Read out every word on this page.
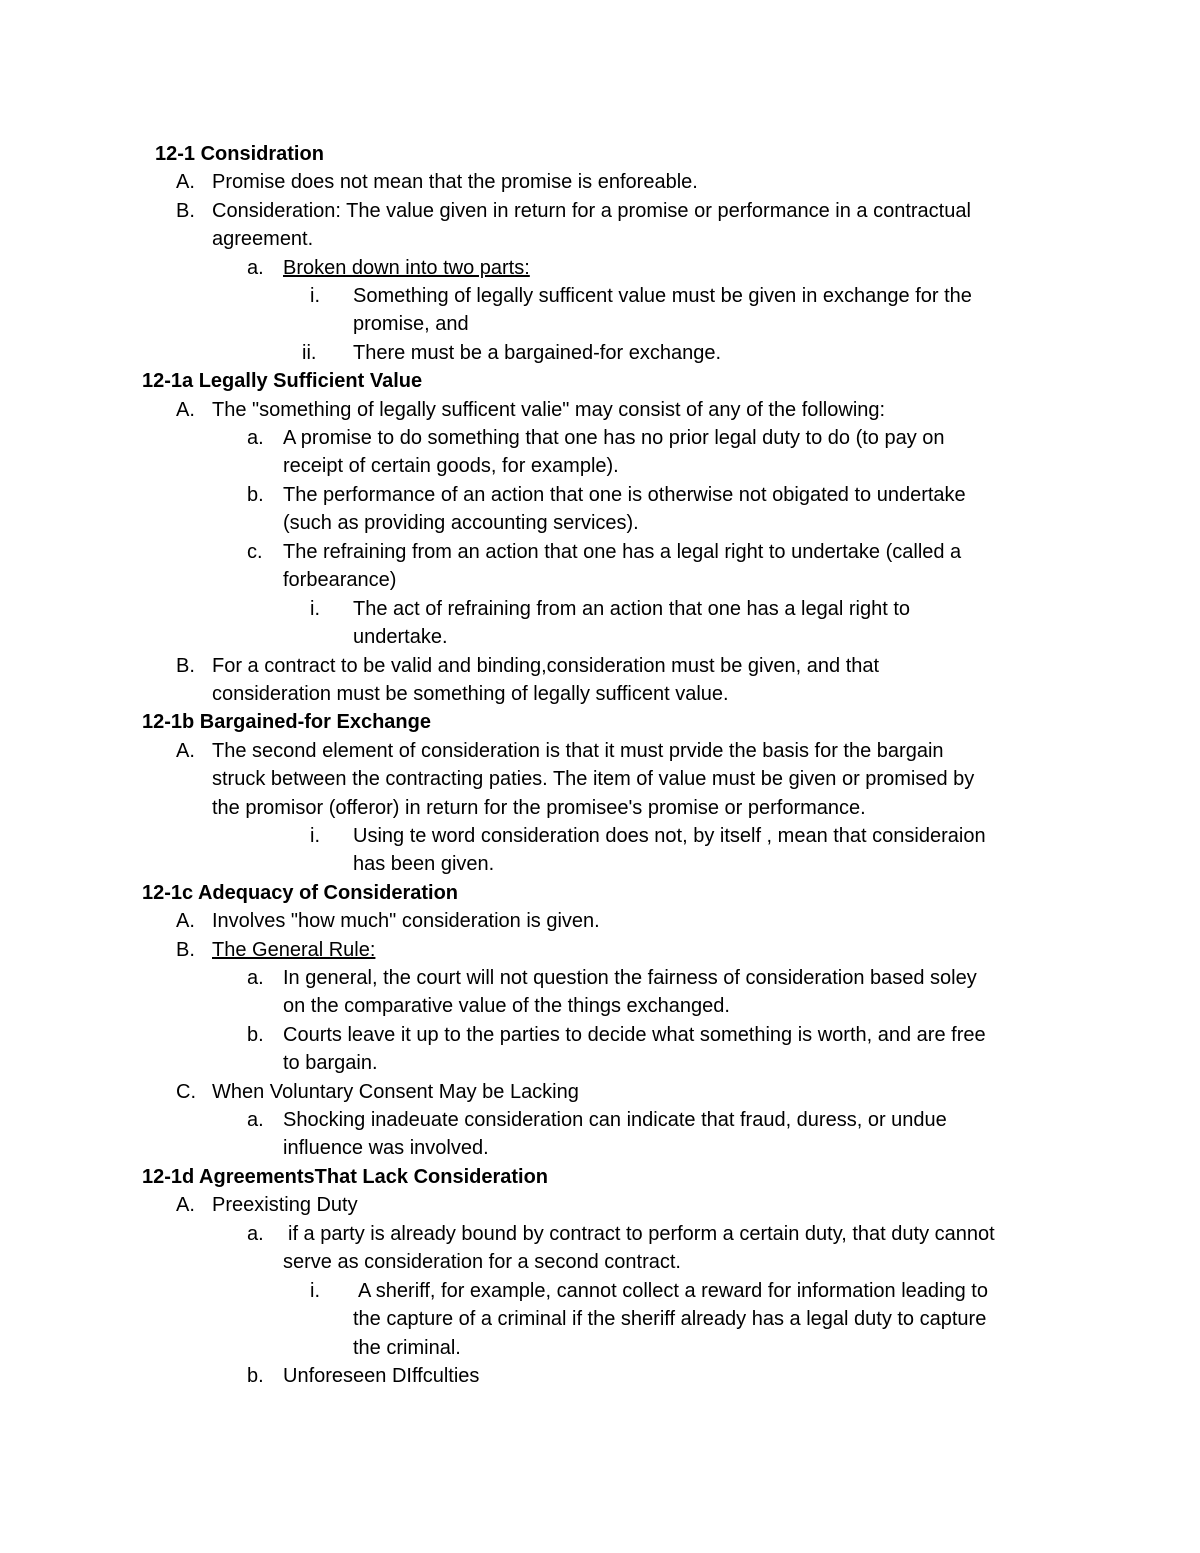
12-1 Considration
A. Promise does not mean that the promise is enforeable.
B. Consideration: The value given in return for a promise or performance in a contractual
agreement.
a. Broken down into two parts:
i. Something of legally sufficent value must be given in exchange for the
promise, and
ii. There must be a bargained-for exchange.
12-1a Legally Sufficient Value
A. The "something of legally sufficent valie" may consist of any of the following:
a. A promise to do something that one has no prior legal duty to do (to pay on
receipt of certain goods, for example).
b. The performance of an action that one is otherwise not obigated to undertake
(such as providing accounting services).
c. The refraining from an action that one has a legal right to undertake (called a
forbearance)
i. The act of refraining from an action that one has a legal right to
undertake.
B. For a contract to be valid and binding,consideration must be given, and that
consideration must be something of legally sufficent value.
12-1b Bargained-for Exchange
A. The second element of consideration is that it must prvide the basis for the bargain
struck between the contracting paties. The item of value must be given or promised by
the promisor (offeror) in return for the promisee's promise or performance.
i. Using te word consideration does not, by itself , mean that consideraion
has been given.
12-1c Adequacy of Consideration
A. Involves "how much" consideration is given.
B. The General Rule:
a. In general, the court will not question the fairness of consideration based soley
on the comparative value of the things exchanged.
b. Courts leave it up to the parties to decide what something is worth, and are free
to bargain.
C. When Voluntary Consent May be Lacking
a. Shocking inadeuate consideration can indicate that fraud, duress, or undue
influence was involved.
12-1d AgreementsThat Lack Consideration
A. Preexisting Duty
a. if a party is already bound by contract to perform a certain duty, that duty cannot
serve as consideration for a second contract.
i. A sheriff, for example, cannot collect a reward for information leading to
the capture of a criminal if the sheriff already has a legal duty to capture
the criminal.
b. Unforeseen DIffculties
